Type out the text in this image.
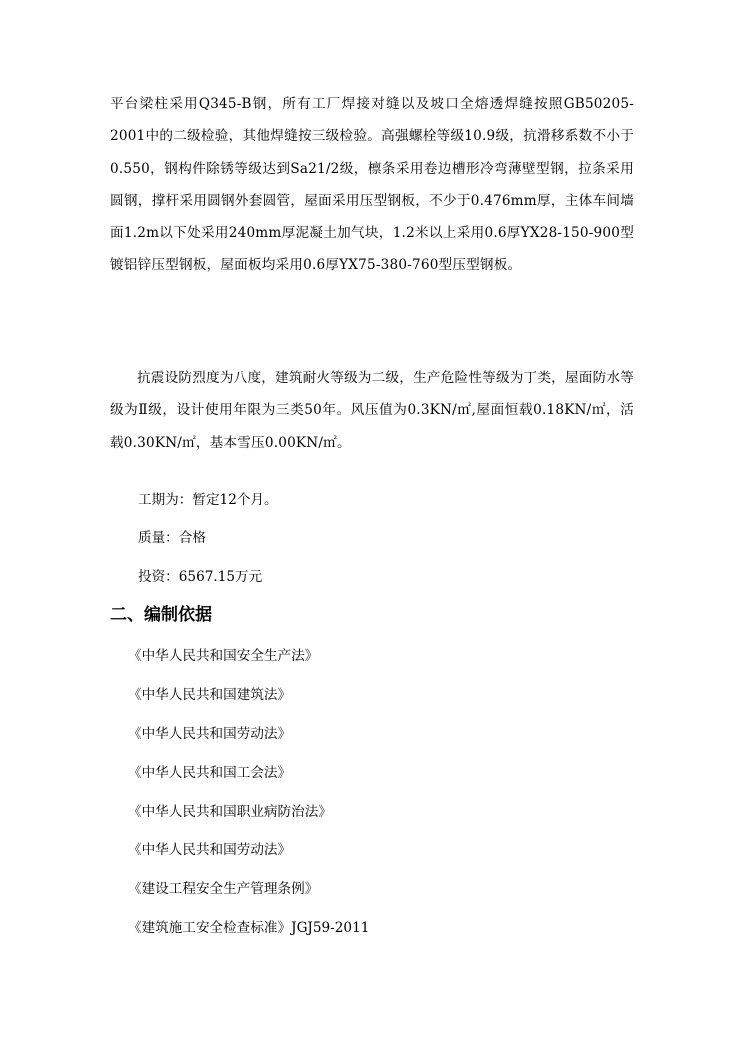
平台梁柱采用Q345-B钢，所有工厂焊接对缝以及坡口全熔透焊缝按照GB50205-2001中的二级检验，其他焊缝按三级检验。高强螺栓等级10.9级，抗滑移系数不小于0.550，钢构件除锈等级达到Sa21/2级，檩条采用卷边槽形冷弯薄壁型钢，拉条采用圆钢，撑杆采用圆钢外套圆管，屋面采用压型钢板，不少于0.476mm厚，主体车间墙面1.2m以下处采用240mm厚泥凝土加气块，1.2米以上采用0.6厚YX28-150-900型镀铝锌压型钢板，屋面板均采用0.6厚YX75-380-760型压型钢板。

抗震设防烈度为八度，建筑耐火等级为二级，生产危险性等级为丁类，屋面防水等级为Ⅱ级，设计使用年限为三类50年。风压值为0.3KN/㎡,屋面恒载0.18KN/㎡，活载0.30KN/㎡，基本雪压0.00KN/㎡。

工期为：暂定12个月。

质量：合格

投资：6567.15万元

二、编制依据
《中华人民共和国安全生产法》
《中华人民共和国建筑法》
《中华人民共和国劳动法》
《中华人民共和国工会法》
《中华人民共和国职业病防治法》
《中华人民共和国劳动法》
《建设工程安全生产管理条例》
《建筑施工安全检查标准》JGJ59-2011
